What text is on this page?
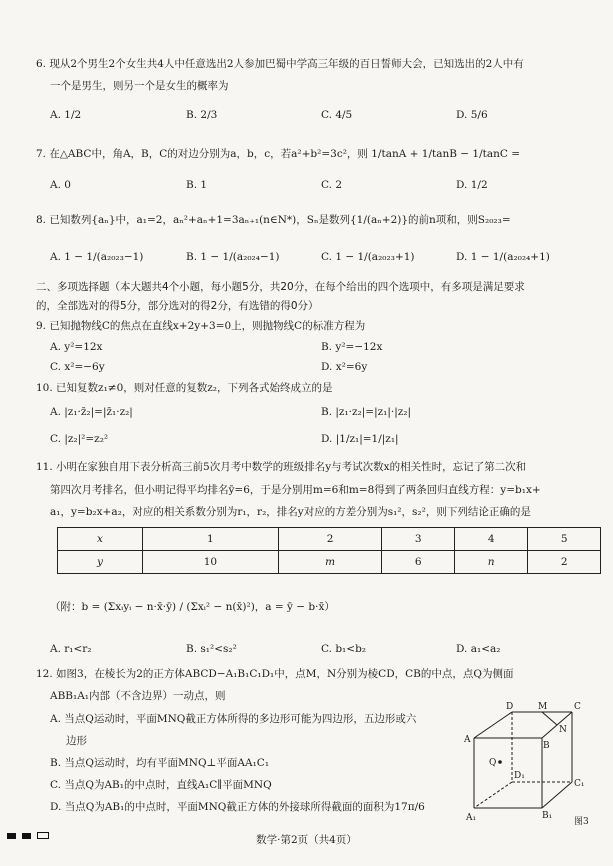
6. 现从2个男生2个女生共4人中任意选出2人参加巴蜀中学高三年级的百日誓师大会，已知选出的2人中有
一个是男生，则另一个是女生的概率为
A. 1/2	B. 2/3	C. 4/5	D. 5/6
7. 在△ABC中，角A，B，C的对边分别为a，b，c，若a²+b²=3c²，则 1/tanA + 1/tanB − 1/tanC =
A. 0	B. 1	C. 2	D. 1/2
8. 已知数列{aₙ}中，a₁=2，aₙ²+aₙ+1=3aₙ₊₁(n∈N*)，Sₙ是数列{1/(aₙ+2)}的前n项和，则S₂₀₂₃=
A. 1 − 1/(a₂₀₂₃−1)	B. 1 − 1/(a₂₀₂₄−1)	C. 1 − 1/(a₂₀₂₃+1)	D. 1 − 1/(a₂₀₂₄+1)
二、多项选择题（本大题共4个小题，每小题5分，共20分，在每个给出的四个选项中，有多项是满足要求
的，全部选对的得5分，部分选对的得2分，有选错的得0分）
9. 已知抛物线C的焦点在直线x+2y+3=0上，则抛物线C的标准方程为
A. y²=12x	B. y²=−12x
C. x²=−6y	D. x²=6y
10. 已知复数z₁≠0，则对任意的复数z₂，下列各式始终成立的是
A. |z₁·z̄₂|=|z̄₁·z₂|	B. |z₁·z₂|=|z₁|·|z₂|
C. |z₂|²=z₂²	D. |1/z₁|=1/|z₁|
11. 小明在家独自用下表分析高三前5次月考中数学的班级排名y与考试次数x的相关性时，忘记了第二次和
第四次月考排名，但小明记得平均排名ȳ=6，于是分别用m=6和m=8得到了两条回归直线方程：y=b₁x+
a₁，y=b₂x+a₂，对应的相关系数分别为r₁，r₂，排名y对应的方差分别为s₁²，s₂²，则下列结论正确的是
x	1	2	3	4	5
y	10	m	6	n	2
（附：b = (Σxᵢyᵢ − n·x̄·ȳ) / (Σxᵢ² − n(x̄)²)，a = ȳ − b·x̄）
A. r₁<r₂	B. s₁²<s₂²	C. b₁<b₂	D. a₁<a₂
12. 如图3，在棱长为2的正方体ABCD−A₁B₁C₁D₁中，点M，N分别为棱CD，CB的中点，点Q为侧面
ABB₁A₁内部（不含边界）一动点，则
A. 当点Q运动时，平面MNQ截正方体所得的多边形可能为四边形，五边形或六
边形
B. 当点Q运动时，均有平面MNQ⊥平面AA₁C₁
C. 当点Q为AB₁的中点时，直线A₁C∥平面MNQ
D. 当点Q为AB₁的中点时，平面MNQ截正方体的外接球所得截面的面积为17π/6
D	M	C
A
B
N
Q
D₁
C₁
A₁	B₁
图3
数学·第2页（共4页）
